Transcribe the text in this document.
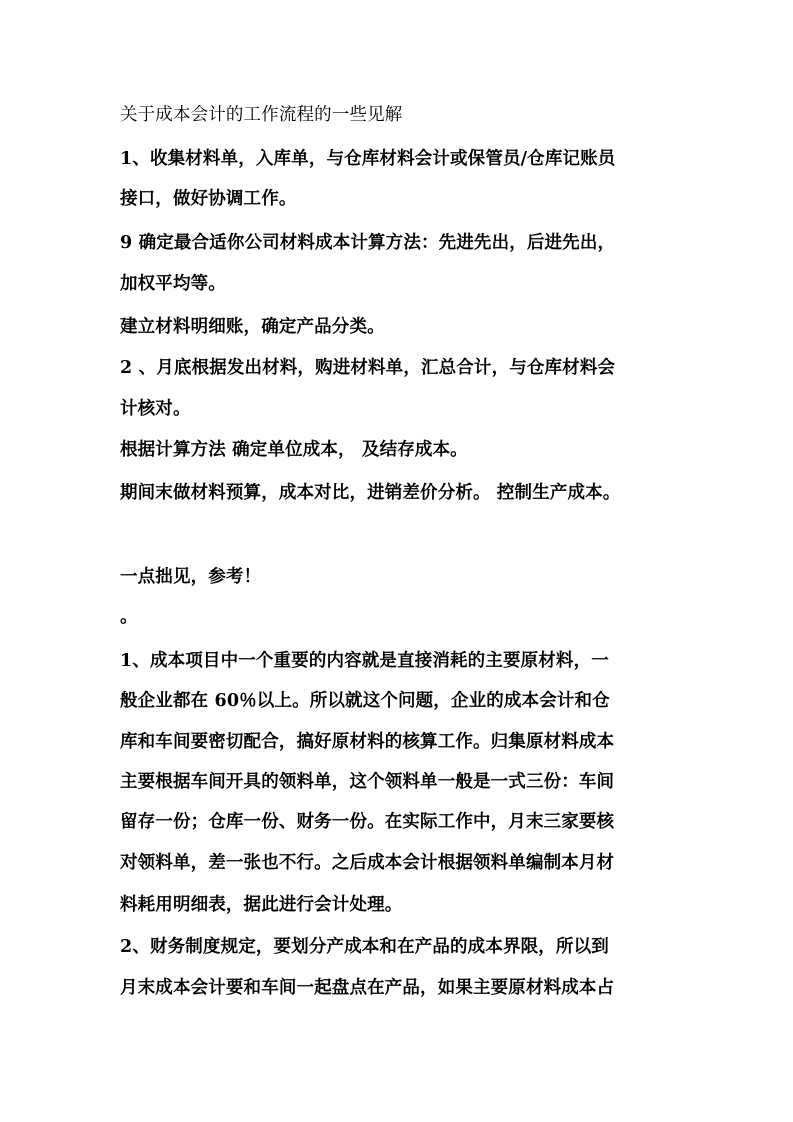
关于成本会计的工作流程的一些见解
1、收集材料单，入库单，与仓库材料会计或保管员/仓库记账员
接口，做好协调工作。
9 确定最合适你公司材料成本计算方法：先进先出，后进先出，
加权平均等。
建立材料明细账，确定产品分类。
2 、月底根据发出材料，购进材料单，汇总合计，与仓库材料会
计核对。
根据计算方法 确定单位成本， 及结存成本。
期间末做材料预算，成本对比，进销差价分析。 控制生产成本。
一点拙见，参考！
。
1、成本项目中一个重要的内容就是直接消耗的主要原材料，一
般企业都在 60％以上。所以就这个问题，企业的成本会计和仓
库和车间要密切配合，搞好原材料的核算工作。归集原材料成本
主要根据车间开具的领料单，这个领料单一般是一式三份：车间
留存一份；仓库一份、财务一份。在实际工作中，月末三家要核
对领料单，差一张也不行。之后成本会计根据领料单编制本月材
料耗用明细表，据此进行会计处理。
2、财务制度规定，要划分产成本和在产品的成本界限，所以到
月末成本会计要和车间一起盘点在产品，如果主要原材料成本占
